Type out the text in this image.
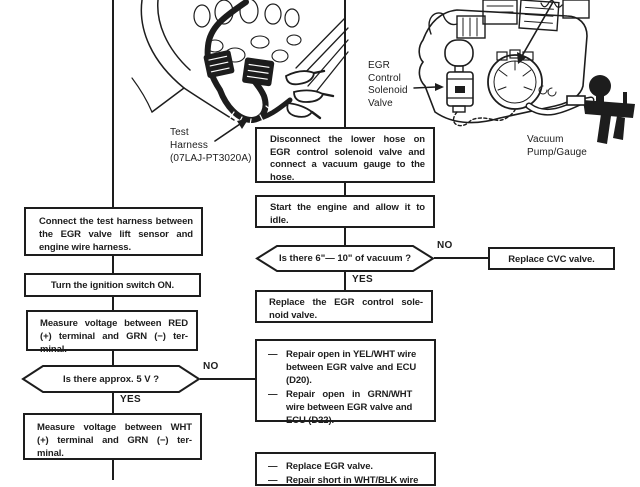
Test
Harness
(07LAJ-PT3020A)
EGR
Control
Solenoid
Valve
Vacuum
Pump/Gauge
Connect the test harness between
the EGR valve lift sensor and
engine wire harness.
Turn the ignition switch ON.
Measure voltage between RED
(+) terminal and GRN (−) ter-
minal.
Is there approx. 5 V ?
NO
YES
Measure voltage between WHT
(+) terminal and GRN (−) ter-
minal.
Disconnect the lower hose on
EGR control solenoid valve and
connect a vacuum gauge to the
hose.
Start the engine and allow it to
idle.
Is there 6"— 10" of vacuum ?
NO
YES
Replace the EGR control sole-
noid valve.
— Repair open in YEL/WHT wire
between EGR valve and ECU
(D20).
— Repair open in GRN/WHT
wire between EGR valve and
ECU (D22).
— Replace EGR valve.
— Repair short in WHT/BLK wire
Replace CVC valve.
